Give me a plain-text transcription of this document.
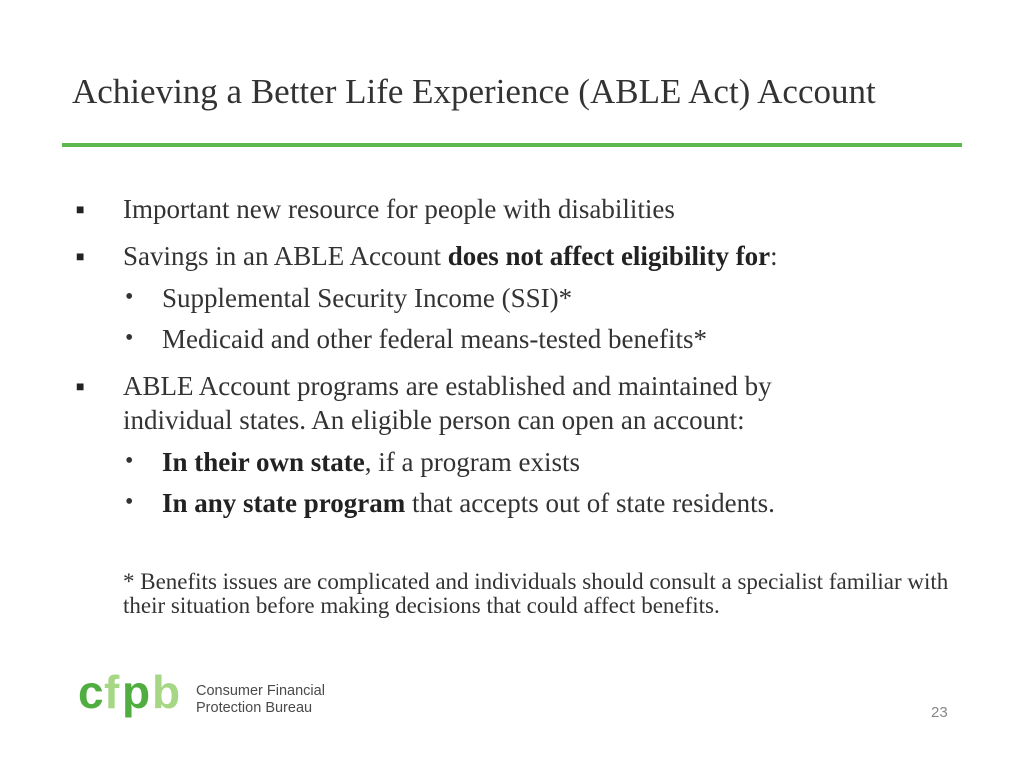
Achieving a Better Life Experience (ABLE Act) Account
■ Important new resource for people with disabilities
■ Savings in an ABLE Account does not affect eligibility for:
• Supplemental Security Income (SSI)*
• Medicaid and other federal means-tested benefits*
■ ABLE Account programs are established and maintained by
individual states. An eligible person can open an account:
• In their own state, if a program exists
• In any state program that accepts out of state residents.
* Benefits issues are complicated and individuals should consult a specialist familiar with their situation before making decisions that could affect benefits.
c f p b Consumer Financial
Protection Bureau	23
